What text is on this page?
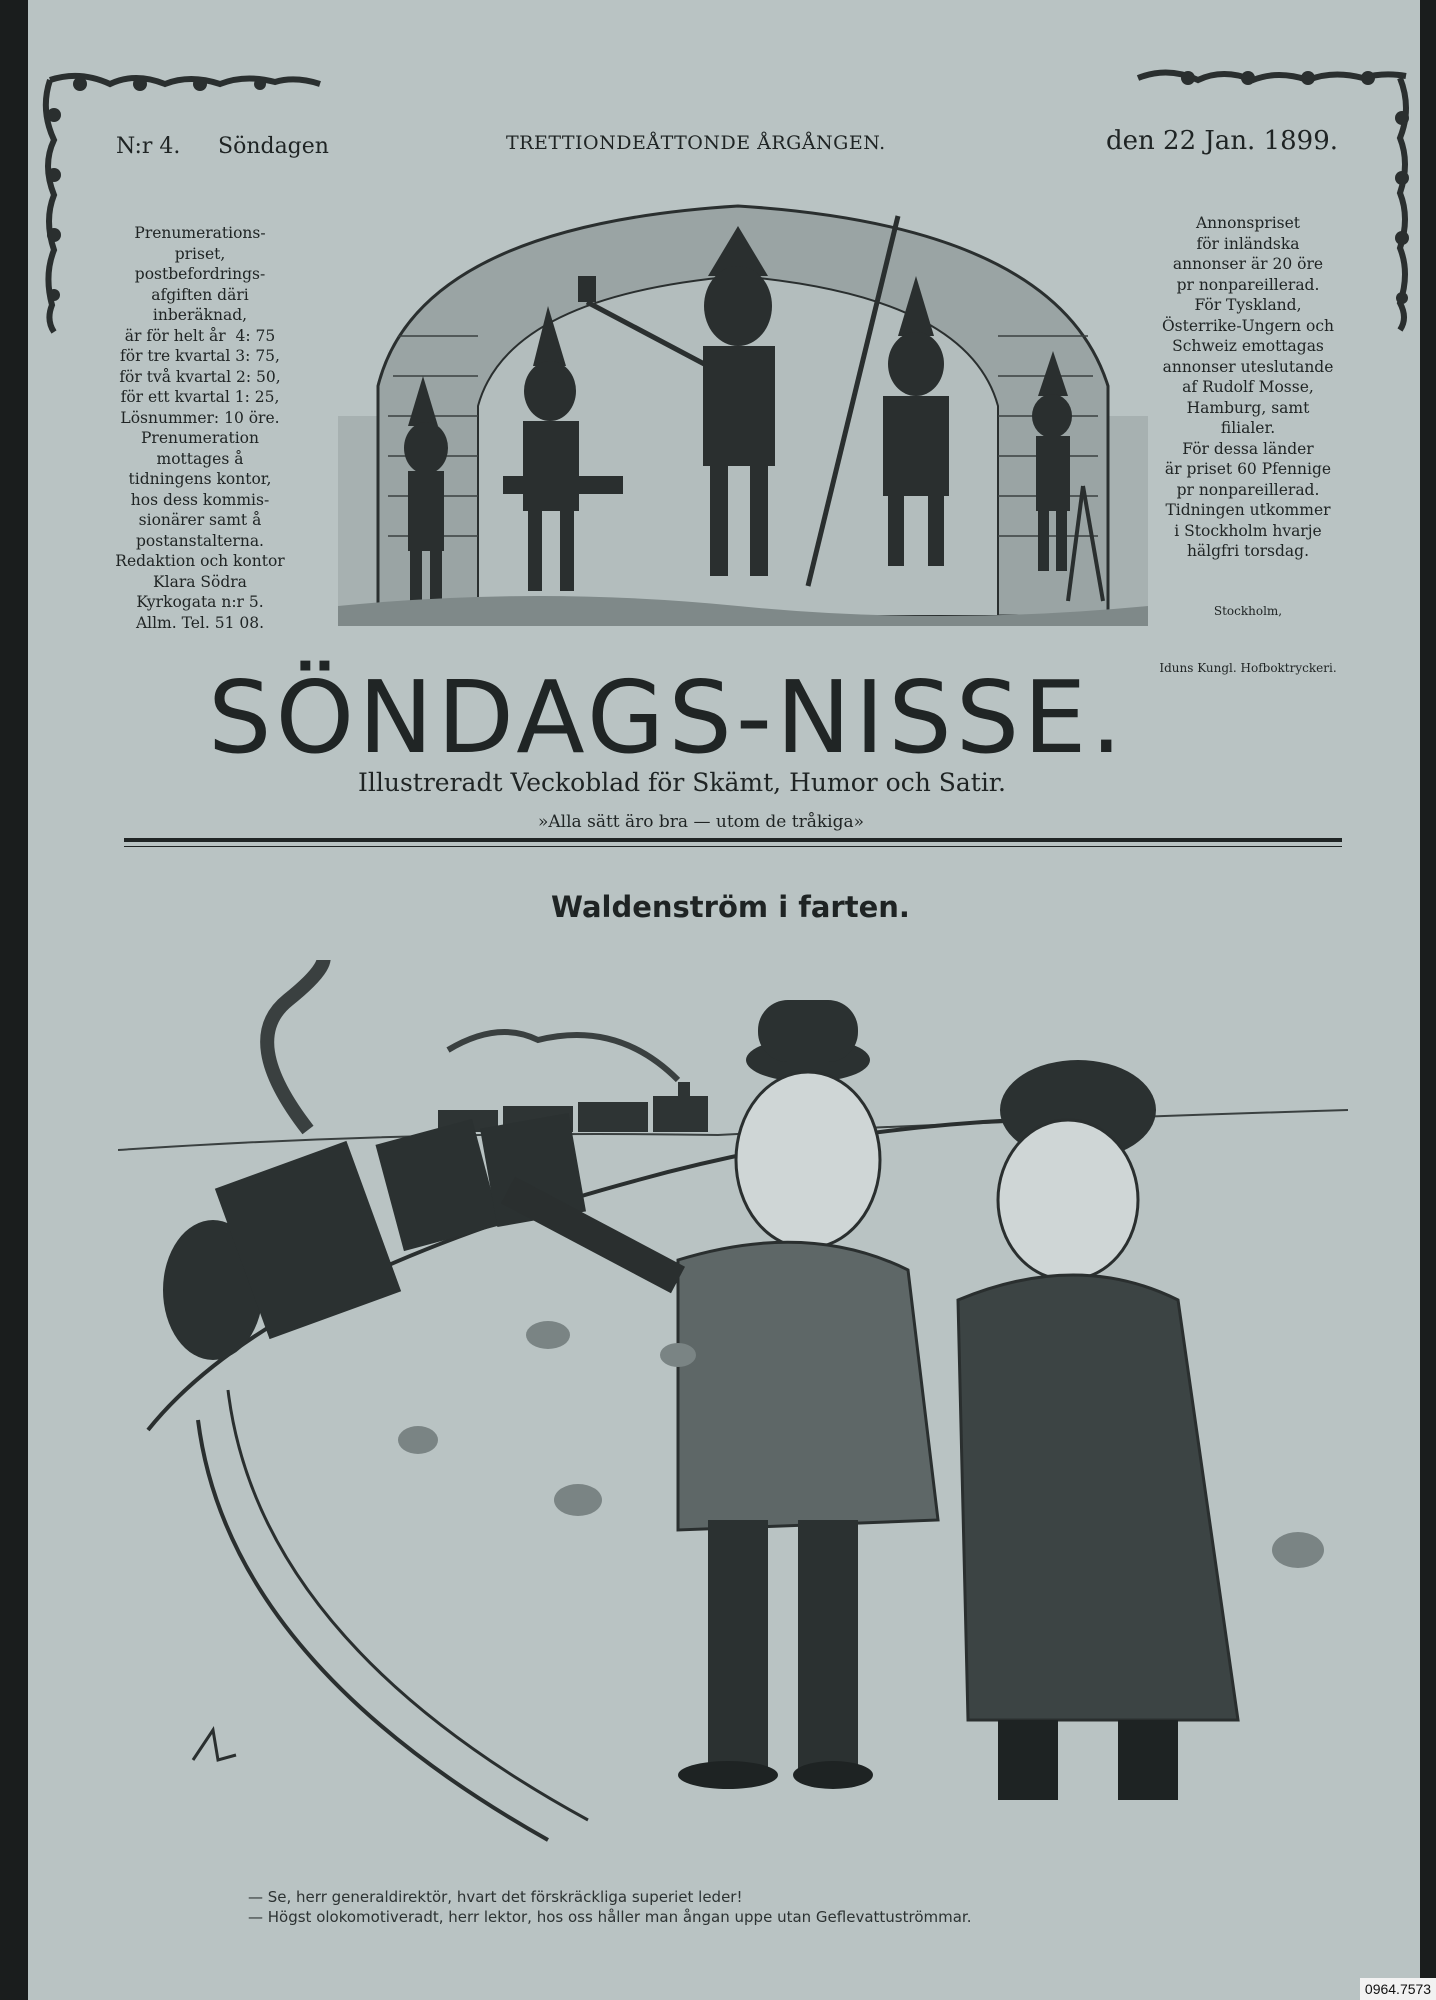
N:r 4. Söndagen	TRETTIONDEÅTTONDE ÅRGÅNGEN.	den 22 Jan. 1899.

Prenumerations-
priset,
postbefordrings-
afgiften däri
inberäknad,
är för helt år  4: 75
för tre kvartal 3: 75,
för två kvartal 2: 50,
för ett kvartal 1: 25,
Lösnummer: 10 öre.
Prenumeration
mottages å
tidningens kontor,
hos dess kommis-
sionärer samt å
postanstalterna.
Redaktion och kontor
Klara Södra
Kyrkogata n:r 5.
Allm. Tel. 51 08.

Annonspriset
för inländska
annonser är 20 öre
pr nonpareillerad.
För Tyskland,
Österrike-Ungern och
Schweiz emottagas
annonser uteslutande
af Rudolf Mosse,
Hamburg, samt
filialer.
För dessa länder
är priset 60 Pfennige
pr nonpareillerad.
Tidningen utkommer
i Stockholm hvarje
hälgfri torsdag.

Stockholm,

Iduns Kungl. Hofboktryckeri.

SÖNDAGS-NISSE.
Illustreradt Veckoblad för Skämt, Humor och Satir.
»Alla sätt äro bra — utom de tråkiga»
Waldenström i farten.
— Se, herr generaldirektör, hvart det förskräckliga superiet leder!
— Högst olokomotiveradt, herr lektor, hos oss håller man ångan uppe utan Geflevattuströmmar.
0964.7573
